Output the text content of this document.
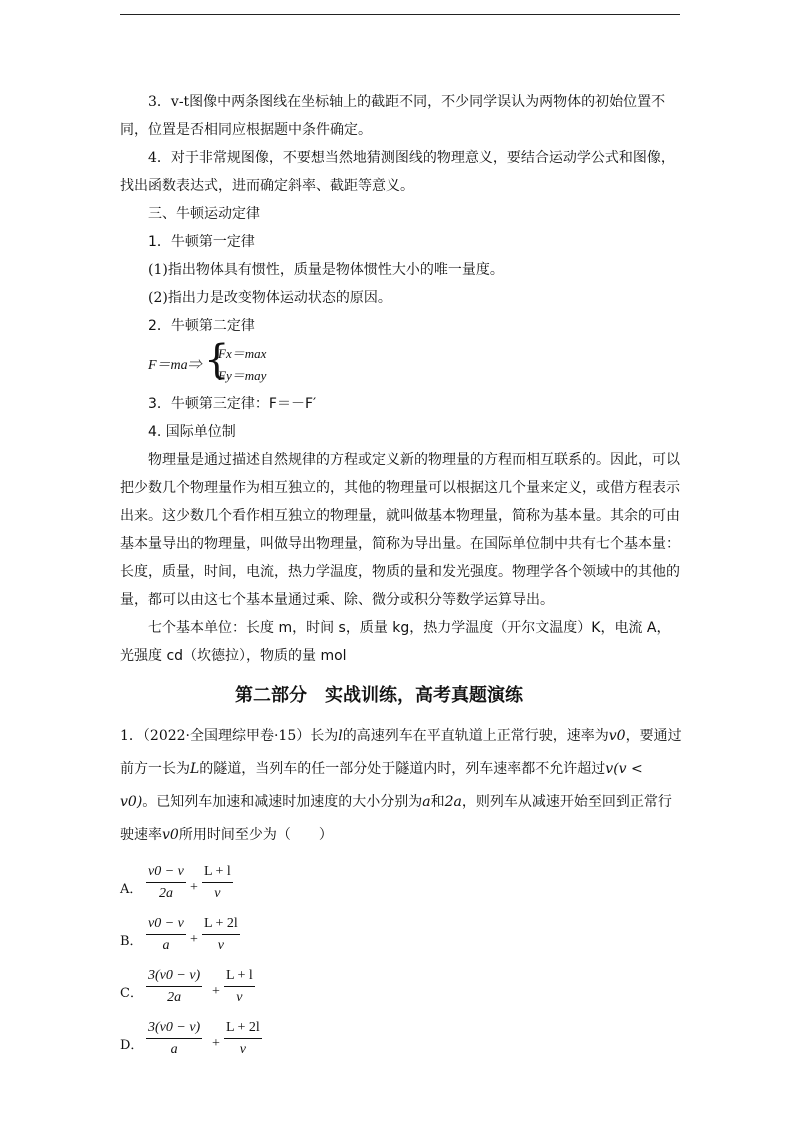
3．v-t图像中两条图线在坐标轴上的截距不同，不少同学误认为两物体的初始位置不同，位置是否相同应根据题中条件确定。

4．对于非常规图像，不要想当然地猜测图线的物理意义，要结合运动学公式和图像，找出函数表达式，进而确定斜率、截距等意义。

三、牛顿运动定律

1．牛顿第一定律

(1)指出物体具有惯性，质量是物体惯性大小的唯一量度。

(2)指出力是改变物体运动状态的原因。

2．牛顿第二定律

F＝ma⇒ {
Fx＝max
Fy＝may

3．牛顿第三定律：F＝－F′

4. 国际单位制

物理量是通过描述自然规律的方程或定义新的物理量的方程而相互联系的。因此，可以把少数几个物理量作为相互独立的，其他的物理量可以根据这几个量来定义，或借方程表示出来。这少数几个看作相互独立的物理量，就叫做基本物理量，简称为基本量。其余的可由基本量导出的物理量，叫做导出物理量，简称为导出量。在国际单位制中共有七个基本量：长度，质量，时间，电流，热力学温度，物质的量和发光强度。物理学各个领域中的其他的量，都可以由这七个基本量通过乘、除、微分或积分等数学运算导出。

七个基本单位：长度 m，时间 s，质量 kg，热力学温度（开尔文温度）K，电流 A，光强度 cd（坎德拉），物质的量 mol

第二部分　实战训练，高考真题演练

1．（2022·全国理综甲卷·15）长为l的高速列车在平直轨道上正常行驶，速率为v0，要通过前方一长为L的隧道，当列车的任一部分处于隧道内时，列车速率都不允许超过v(v < v0)。已知列车加速和减速时加速度的大小分别为a和2a，则列车从减速开始至回到正常行驶速率v0所用时间至少为（　　）

A． $\frac{v0 - v}{2a} + \frac{L + l}{v}$
B． $\frac{v0 - v}{a} + \frac{L + 2l}{v}$
C． $\frac{3(v0 - v)}{2a} + \frac{L + l}{v}$
D． $\frac{3(v0 - v)}{a} + \frac{L + 2l}{v}$
